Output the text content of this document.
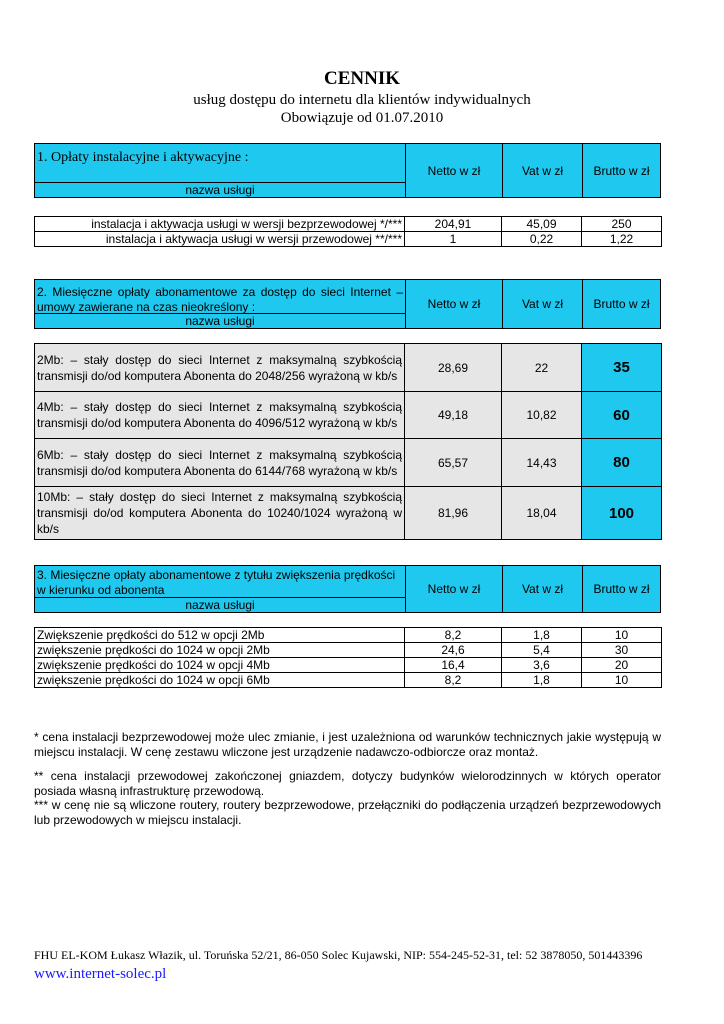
CENNIK
usług dostępu do internetu dla klientów indywidualnych
Obowiązuje od 01.07.2010
1. Opłaty instalacyjne i aktywacyjne :
nazwa usługi
Netto w zł	Vat w zł	Brutto w zł
instalacja i aktywacja usługi w wersji bezprzewodowej */***	204,91	45,09	250
instalacja i aktywacja usługi w wersji przewodowej **/***	1	0,22	1,22
2. Miesięczne opłaty abonamentowe za dostęp do sieci Internet – umowy zawierane na czas nieokreślony :
nazwa usługi
Netto w zł	Vat w zł	Brutto w zł
2Mb: – stały dostęp do sieci Internet z maksymalną szybkością transmisji do/od komputera Abonenta do 2048/256 wyrażoną w kb/s	28,69	22	35
4Mb: – stały dostęp do sieci Internet z maksymalną szybkością transmisji do/od komputera Abonenta do 4096/512 wyrażoną w kb/s	49,18	10,82	60
6Mb: – stały dostęp do sieci Internet z maksymalną szybkością transmisji do/od komputera Abonenta do 6144/768 wyrażoną w kb/s	65,57	14,43	80
10Mb: – stały dostęp do sieci Internet z maksymalną szybkością transmisji do/od komputera Abonenta do 10240/1024 wyrażoną w kb/s	81,96	18,04	100
3. Miesięczne opłaty abonamentowe z tytułu zwiększenia prędkości w kierunku od abonenta
nazwa usługi
Netto w zł	Vat w zł	Brutto w zł
Zwiększenie prędkości do 512 w opcji 2Mb	8,2	1,8	10
zwiększenie prędkości do 1024 w opcji 2Mb	24,6	5,4	30
zwiększenie prędkości do 1024 w opcji 4Mb	16,4	3,6	20
zwiększenie prędkości do 1024 w opcji 6Mb	8,2	1,8	10
* cena instalacji bezprzewodowej może ulec zmianie, i jest uzależniona od warunków technicznych jakie występują w miejscu instalacji. W cenę zestawu wliczone jest urządzenie nadawczo-odbiorcze oraz montaż.
** cena instalacji przewodowej zakończonej gniazdem, dotyczy budynków wielorodzinnych w których operator posiada własną infrastrukturę przewodową.
*** w cenę nie są wliczone routery, routery bezprzewodowe, przełączniki do podłączenia urządzeń bezprzewodowych lub przewodowych w miejscu instalacji.
FHU EL-KOM Łukasz Włazik, ul. Toruńska 52/21, 86-050 Solec Kujawski, NIP: 554-245-52-31, tel: 52 3878050, 501443396
www.internet-solec.pl
